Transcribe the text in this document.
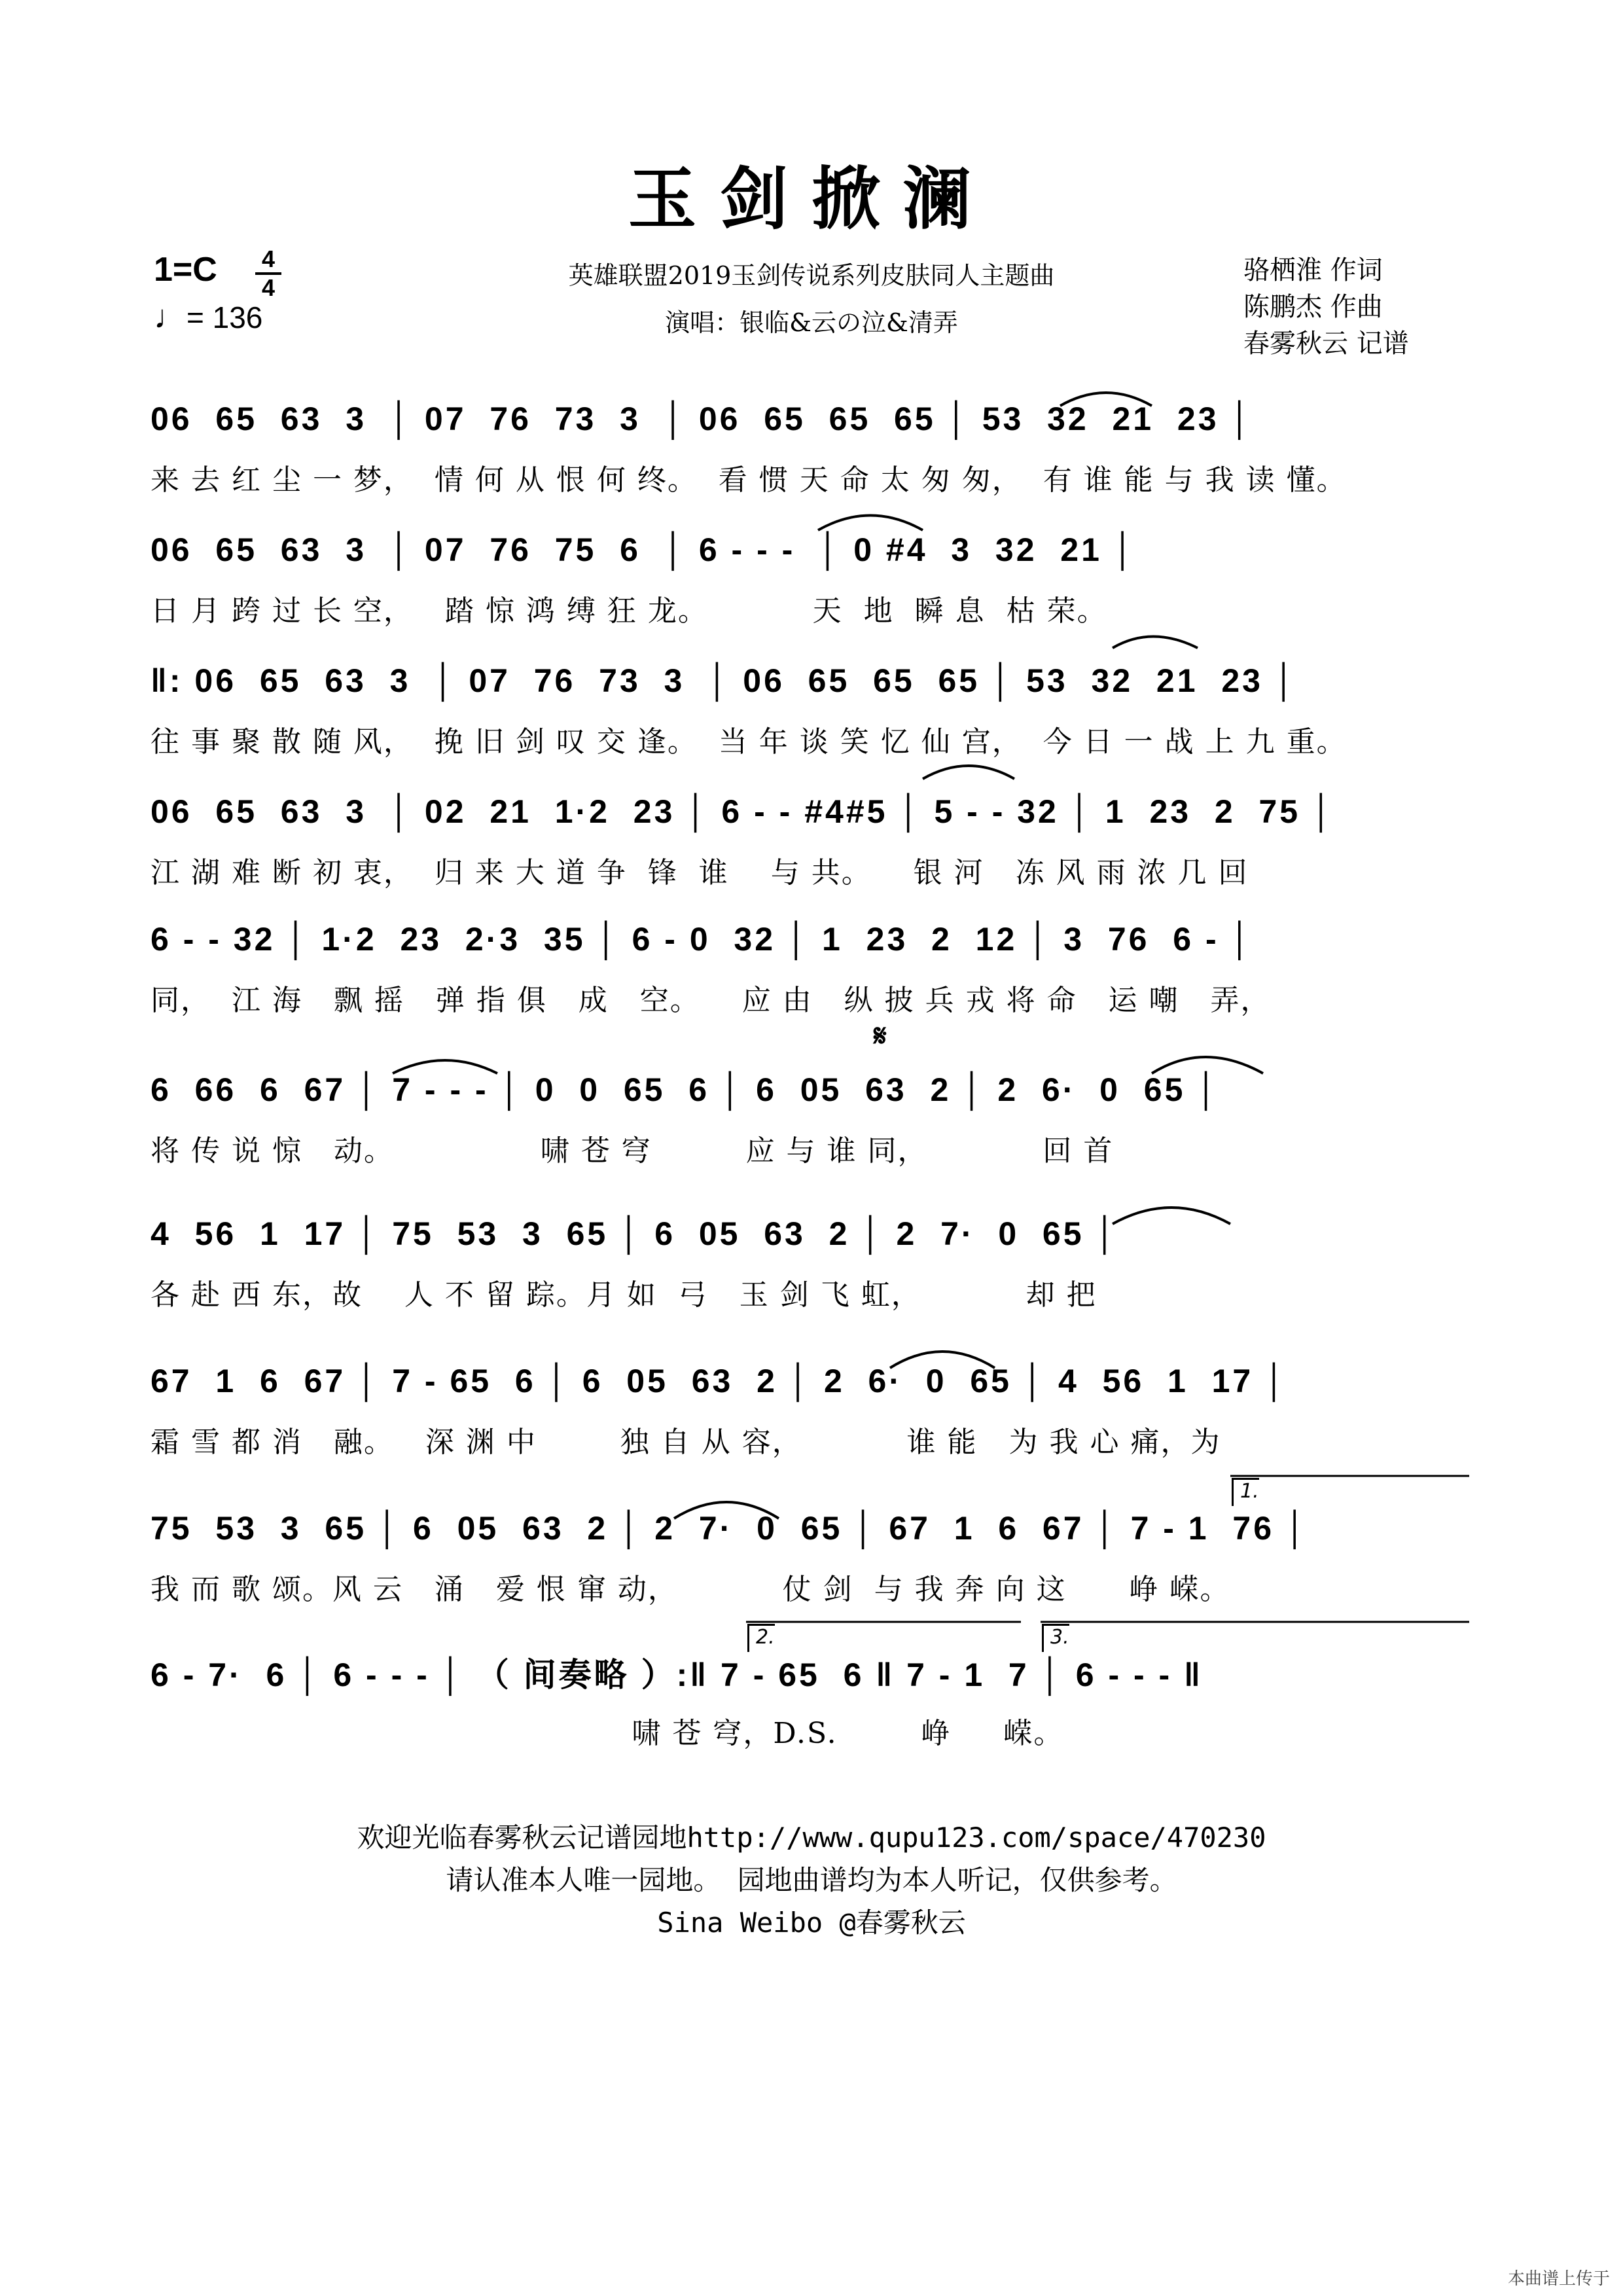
玉剑掀澜
1=C 4
4
♩= 136
英雄联盟2019玉剑传说系列皮肤同人主题曲
演唱：银临&云の泣&清弄
骆栖淮 作词
陈鹏杰 作曲
春雾秋云 记谱
𝄋
1.
2.	3.
06  65  63  3  │ 07  76  73  3  │ 06  65  65  65 │ 53  32  21  23 │
来 去 红 尘 一 梦，  情 何 从 恨 何 终。  看 惯 天 命 太 匆 匆，  有 谁 能 与 我 读 懂。
06  65  63  3  │ 07  76  75  6  │ 6 - - -  │ 0 #4  3  32  21 │
日 月 跨 过 长 空，   踏 惊 鸿 缚 狂 龙。          天  地  瞬 息  枯 荣。
‖: 06  65  63  3  │ 07  76  73  3  │ 06  65  65  65 │ 53  32  21  23 │
往 事 聚 散 随 风，  挽 旧 剑 叹 交 逢。  当 年 谈 笑 忆 仙 宫，  今 日 一 战 上 九 重。
06  65  63  3  │ 02  21  1·2  23 │ 6 - - #4#5 │ 5 - - 32 │ 1  23  2  75 │
江 湖 难 断 初 衷，  归 来 大 道 争  锋  谁    与 共。    银 河   冻 风 雨 浓 几 回
6 - - 32 │ 1·2  23  2·3  35 │ 6 - 0  32 │ 1  23  2  12 │ 3  76  6 - │
同，  江 海   飘 摇   弹 指 俱   成   空。    应 由   纵 披 兵 戎 将 命   运 嘲   弄，
6  66  6  67 │ 7 - - - │ 0  0  65  6 │ 6  05  63  2 │ 2  6·  0  65 │
将 传 说 惊   动。              啸 苍 穹         应 与 谁 同，           回 首
4  56  1  17 │ 75  53  3  65 │ 6  05  63  2 │ 2  7·  0  65 │
各 赴 西 东，故    人 不 留 踪。月 如  弓   玉 剑 飞 虹，          却 把
67  1  6  67 │ 7 - 65  6 │ 6  05  63  2 │ 2  6·  0  65 │ 4  56  1  17 │
霜 雪 都 消   融。   深 渊 中        独 自 从 容，          谁 能   为 我 心 痛，为
75  53  3  65 │ 6  05  63  2 │ 2  7·  0  65 │ 67  1  6  67 │ 7 - 1  76 │
我 而 歌 颂。风 云   涌   爱 恨 窜 动，          仗 剑  与 我 奔 向 这      峥 嵘。
6 - 7·  6 │ 6 - - - │ （ 间奏略 ）:‖ 7 - 65  6 ‖ 7 - 1  7 │ 6 - - - ‖
啸 苍 穹，D.S.        峥     嵘。
欢迎光临春雾秋云记谱园地http://www.qupu123.com/space/470230
请认准本人唯一园地。 园地曲谱均为本人听记，仅供参考。
Sina Weibo @春雾秋云
本曲谱上传于
